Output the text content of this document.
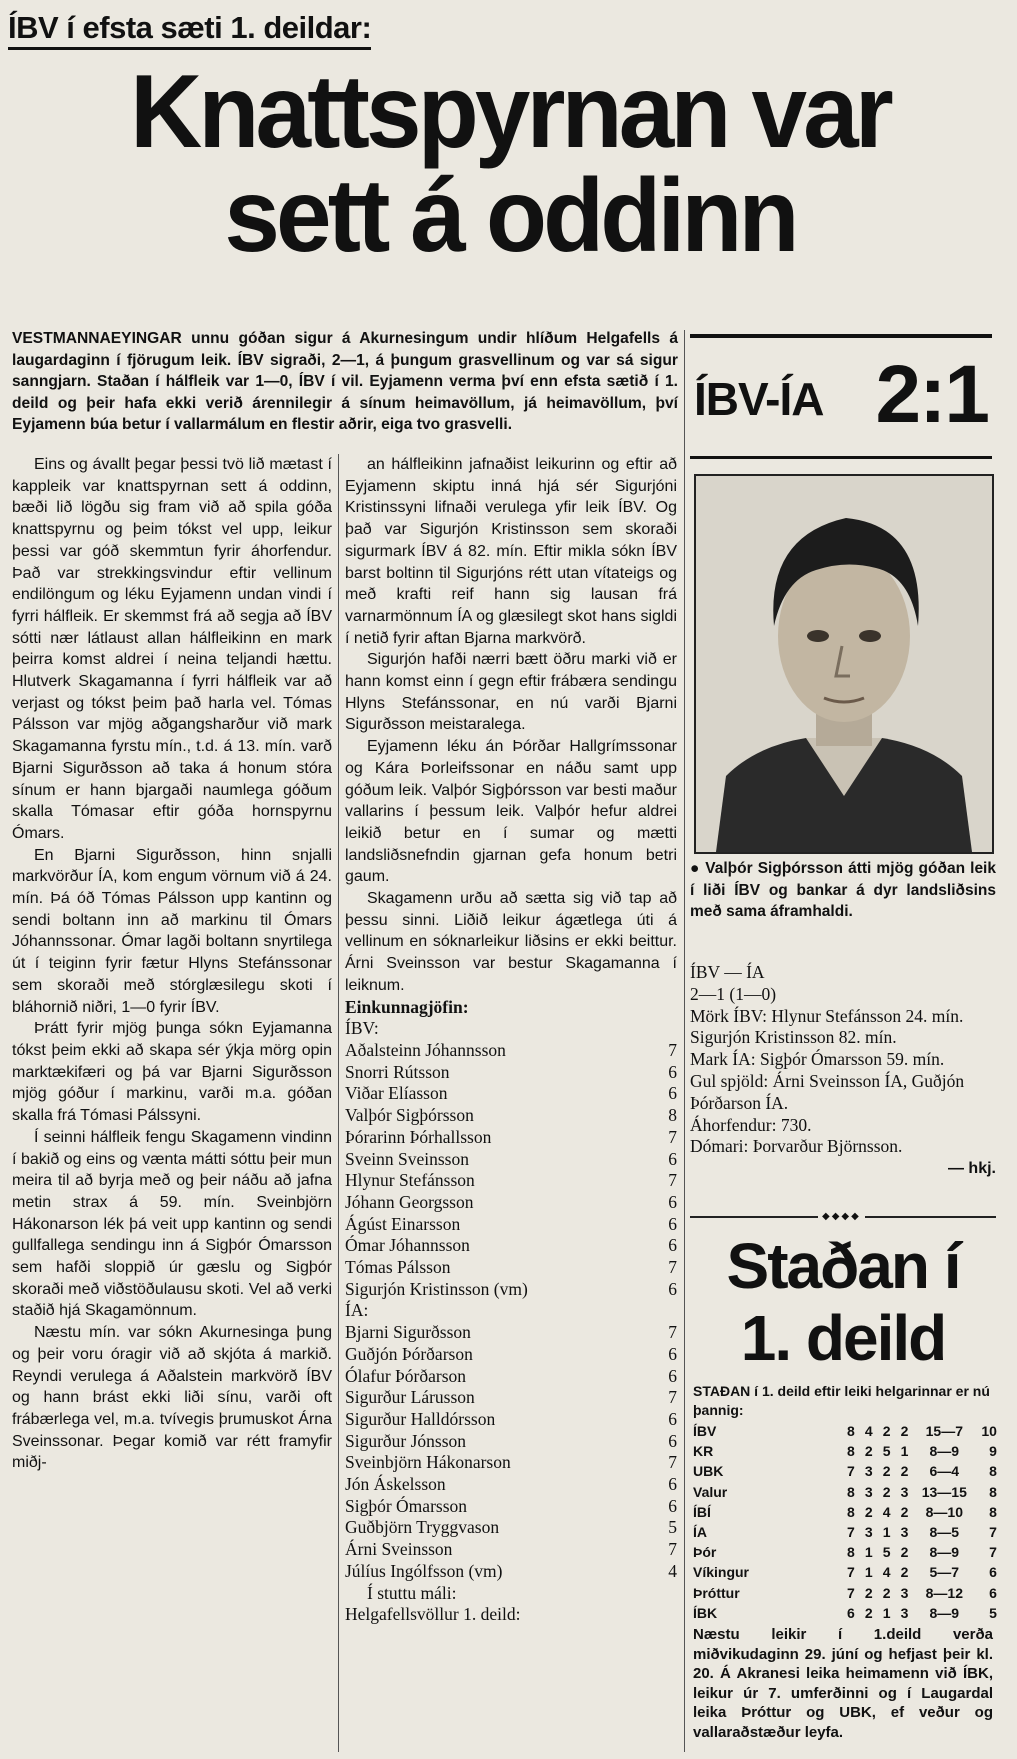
ÍBV í efsta sæti 1. deildar:
Knattspyrnan var
sett á oddinn
VESTMANNAEYINGAR unnu góðan sigur á Akurnesingum undir hlíðum Helgafells á laugardaginn í fjörugum leik. ÍBV sigraði, 2—1, á þungum grasvellinum og var sá sigur sanngjarn. Staðan í hálfleik var 1—0, ÍBV í vil. Eyjamenn verma því enn efsta sætið í 1. deild og þeir hafa ekki verið árennilegir á sínum heimavöllum, já heimavöllum, því Eyjamenn búa betur í vallarmálum en flestir aðrir, eiga tvo grasvelli.

Eins og ávallt þegar þessi tvö lið mætast í kappleik var knattspyrnan sett á oddinn, bæði lið lögðu sig fram við að spila góða knattspyrnu og þeim tókst vel upp, leikur þessi var góð skemmtun fyrir áhorfendur. Það var strekkingsvindur eftir vellinum endilöngum og léku Eyjamenn undan vindi í fyrri hálfleik. Er skemmst frá að segja að ÍBV sótti nær látlaust allan hálfleikinn en mark þeirra komst aldrei í neina teljandi hættu. Hlutverk Skagamanna í fyrri hálfleik var að verjast og tókst þeim það harla vel. Tómas Pálsson var mjög aðgangsharður við mark Skagamanna fyrstu mín., t.d. á 13. mín. varð Bjarni Sigurðsson að taka á honum stóra sínum er hann bjargaði naumlega góðum skalla Tómasar eftir góða hornspyrnu Ómars.

En Bjarni Sigurðsson, hinn snjalli markvörður ÍA, kom engum vörnum við á 24. mín. Þá óð Tómas Pálsson upp kantinn og sendi boltann inn að markinu til Ómars Jóhannssonar. Ómar lagði boltann snyrtilega út í teiginn fyrir fætur Hlyns Stefánssonar sem skoraði með stórglæsilegu skoti í bláhornið niðri, 1—0 fyrir ÍBV.

Þrátt fyrir mjög þunga sókn Eyjamanna tókst þeim ekki að skapa sér ýkja mörg opin marktækifæri og þá var Bjarni Sigurðsson mjög góður í markinu, varði m.a. góðan skalla frá Tómasi Pálssyni.

Í seinni hálfleik fengu Skagamenn vindinn í bakið og eins og vænta mátti sóttu þeir mun meira til að byrja með og þeir náðu að jafna metin strax á 59. mín. Sveinbjörn Hákonarson lék þá veit upp kantinn og sendi gullfallega sendingu inn á Sigþór Ómarsson sem hafði sloppið úr gæslu og Sigþór skoraði með viðstöðulausu skoti. Vel að verki staðið hjá Skagamönnum.

Næstu mín. var sókn Akurnesinga þung og þeir voru óragir við að skjóta á markið. Reyndi verulega á Aðalstein markvörð ÍBV og hann brást ekki liði sínu, varði oft frábærlega vel, m.a. tvívegis þrumuskot Árna Sveinssonar. Þegar komið var rétt framyfir miðj-

an hálfleikinn jafnaðist leikurinn og eftir að Eyjamenn skiptu inná hjá sér Sigurjóni Kristinssyni lifnaði verulega yfir leik ÍBV. Og það var Sigurjón Kristinsson sem skoraði sigurmark ÍBV á 82. mín. Eftir mikla sókn ÍBV barst boltinn til Sigurjóns rétt utan vítateigs og með krafti reif hann sig lausan frá varnarmönnum ÍA og glæsilegt skot hans sigldi í netið fyrir aftan Bjarna markvörð.

Sigurjón hafði nærri bætt öðru marki við er hann komst einn í gegn eftir frábæra sendingu Hlyns Stefánssonar, en nú varði Bjarni Sigurðsson meistaralega.

Eyjamenn léku án Þórðar Hallgrímssonar og Kára Þorleifssonar en náðu samt upp góðum leik. Valþór Sigþórsson var besti maður vallarins í þessum leik. Valþór hefur aldrei leikið betur en í sumar og mætti landsliðsnefndin gjarnan gefa honum betri gaum.

Skagamenn urðu að sætta sig við tap að þessu sinni. Liðið leikur ágætlega úti á vellinum en sóknarleikur liðsins er ekki beittur. Árni Sveinsson var bestur Skagamanna í leiknum.

Einkunnagjöfin:
ÍBV:
Aðalsteinn Jóhannsson	7
Snorri Rútsson	6
Viðar Elíasson	6
Valþór Sigþórsson	8
Þórarinn Þórhallsson	7
Sveinn Sveinsson	6
Hlynur Stefánsson	7
Jóhann Georgsson	6
Ágúst Einarsson	6
Ómar Jóhannsson	6
Tómas Pálsson	7
Sigurjón Kristinsson (vm)	6
ÍA:
Bjarni Sigurðsson	7
Guðjón Þórðarson	6
Ólafur Þórðarson	6
Sigurður Lárusson	7
Sigurður Halldórsson	6
Sigurður Jónsson	6
Sveinbjörn Hákonarson	7
Jón Áskelsson	6
Sigþór Ómarsson	6
Guðbjörn Tryggvason	5
Árni Sveinsson	7
Júlíus Ingólfsson (vm)	4
Í stuttu máli:
Helgafellsvöllur 1. deild:
ÍBV-ÍA 2:1
● Valþór Sigþórsson átti mjög góðan leik í liði ÍBV og bankar á dyr landsliðsins með sama áframhaldi.
ÍBV — ÍA
2—1 (1—0)
Mörk ÍBV: Hlynur Stefánsson 24. mín. Sigurjón Kristinsson 82. mín.
Mark ÍA: Sigþór Ómarsson 59. mín.
Gul spjöld: Árni Sveinsson ÍA, Guðjón Þórðarson ÍA.
Áhorfendur: 730.
Dómari: Þorvarður Björnsson.
— hkj.
◆◆◆◆
Staðan í
1. deild
STAÐAN í 1. deild eftir leiki helgarinnar er nú þannig:
ÍBV	8 4 2 2	15—7	10
KR	8 2 5 1	8—9	9
UBK	7 3 2 2	6—4	8
Valur	8 3 2 3 13—15	8
ÍBÍ	8 2 4 2	8—10	8
ÍA	7 3 1 3	8—5	7
Þór	8 1 5 2	8—9	7
Víkingur	7 1 4 2	5—7	6
Þróttur	7 2 2 3	8—12	6
ÍBK	6 2 1 3	8—9	5
Næstu leikir í 1.deild verða miðvikudaginn 29. júní og hefjast þeir kl. 20. Á Akranesi leika heimamenn við ÍBK, leikur úr 7. umferðinni og í Laugardal leika Þróttur og UBK, ef veður og vallaraðstæður leyfa.
